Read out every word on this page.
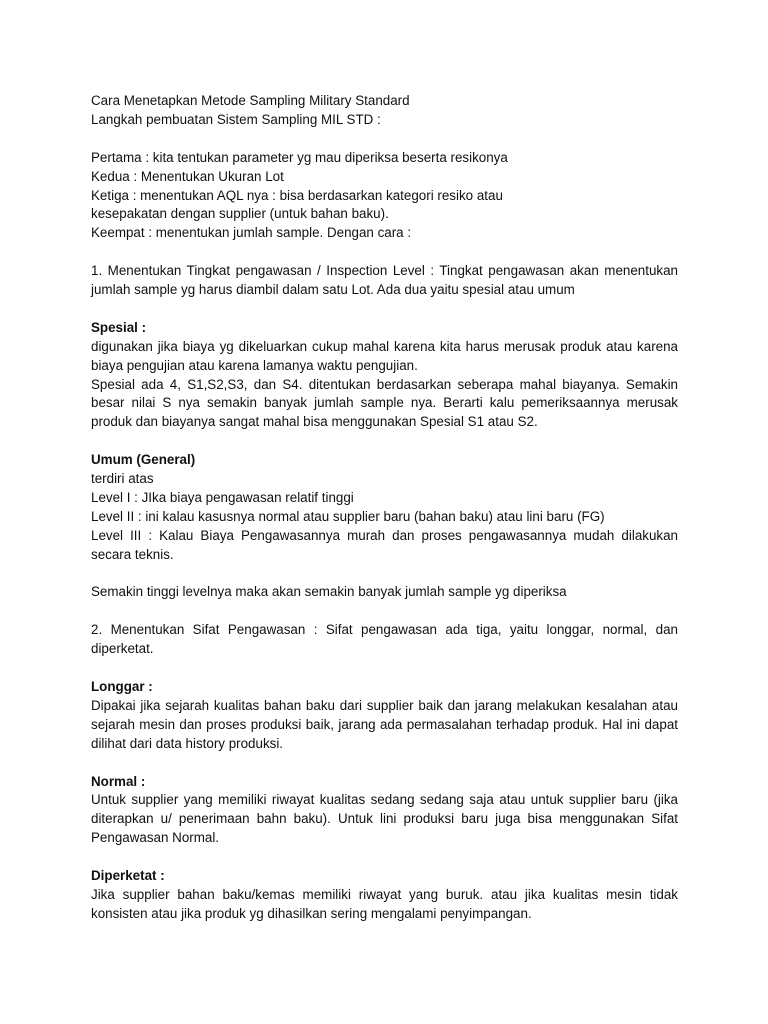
Cara Menetapkan Metode Sampling Military Standard

Langkah pembuatan Sistem Sampling MIL STD :

Pertama : kita tentukan parameter yg mau diperiksa beserta resikonya

Kedua : Menentukan Ukuran Lot

Ketiga : menentukan AQL nya : bisa berdasarkan kategori resiko atau

kesepakatan dengan supplier (untuk bahan baku).

Keempat : menentukan jumlah sample. Dengan cara :

1. Menentukan Tingkat pengawasan / Inspection Level : Tingkat pengawasan akan menentukan jumlah sample yg harus diambil dalam satu Lot. Ada dua yaitu spesial atau umum

Spesial :

digunakan jika biaya yg dikeluarkan cukup mahal karena kita harus merusak produk atau karena biaya pengujian atau karena lamanya waktu pengujian.

Spesial ada 4, S1,S2,S3, dan S4. ditentukan berdasarkan seberapa mahal biayanya. Semakin besar nilai S nya semakin banyak jumlah sample nya. Berarti kalu pemeriksaannya merusak produk dan biayanya sangat mahal bisa menggunakan Spesial S1 atau S2.

Umum (General)

terdiri atas

Level I : JIka biaya pengawasan relatif tinggi

Level II : ini kalau kasusnya normal atau supplier baru (bahan baku) atau lini baru (FG)

Level III : Kalau Biaya Pengawasannya murah dan proses pengawasannya mudah dilakukan secara teknis.

Semakin tinggi levelnya maka akan semakin banyak jumlah sample yg diperiksa

2. Menentukan Sifat Pengawasan : Sifat pengawasan ada tiga, yaitu longgar, normal, dan diperketat.

Longgar :

Dipakai jika sejarah kualitas bahan baku dari supplier baik dan jarang melakukan kesalahan atau sejarah mesin dan proses produksi baik, jarang ada permasalahan terhadap produk. Hal ini dapat dilihat dari data history produksi.

Normal :

Untuk supplier yang memiliki riwayat kualitas sedang sedang saja atau untuk supplier baru (jika diterapkan u/ penerimaan bahn baku). Untuk lini produksi baru juga bisa menggunakan Sifat Pengawasan Normal.

Diperketat :

Jika supplier bahan baku/kemas memiliki riwayat yang buruk. atau jika kualitas mesin tidak konsisten atau jika produk yg dihasilkan sering mengalami penyimpangan.
